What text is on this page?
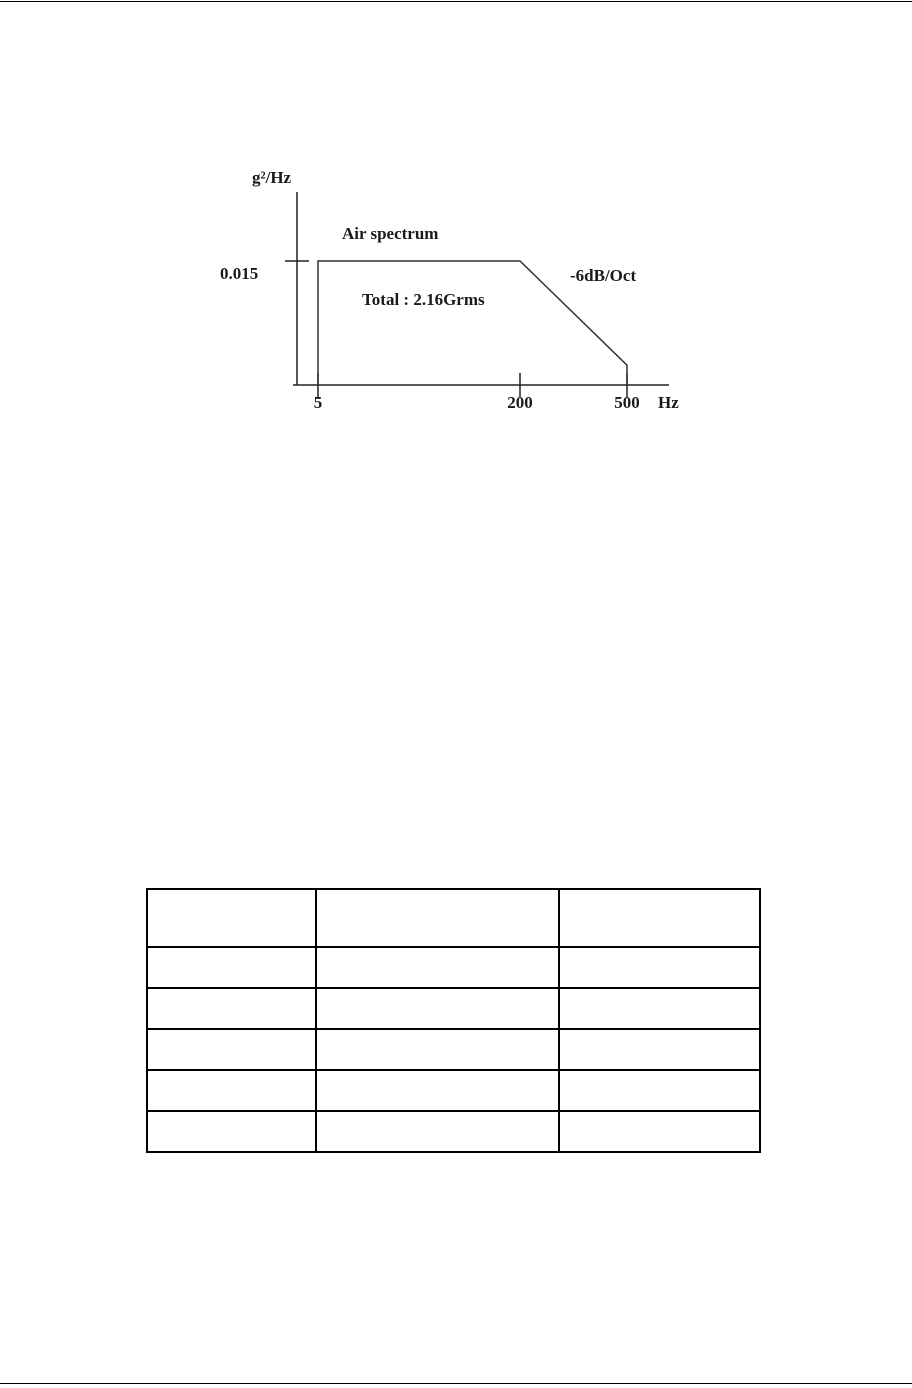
g²/Hz
Air spectrum
-6dB/Oct
Total : 2.16Grms
Hz
0.015
5	200	500
